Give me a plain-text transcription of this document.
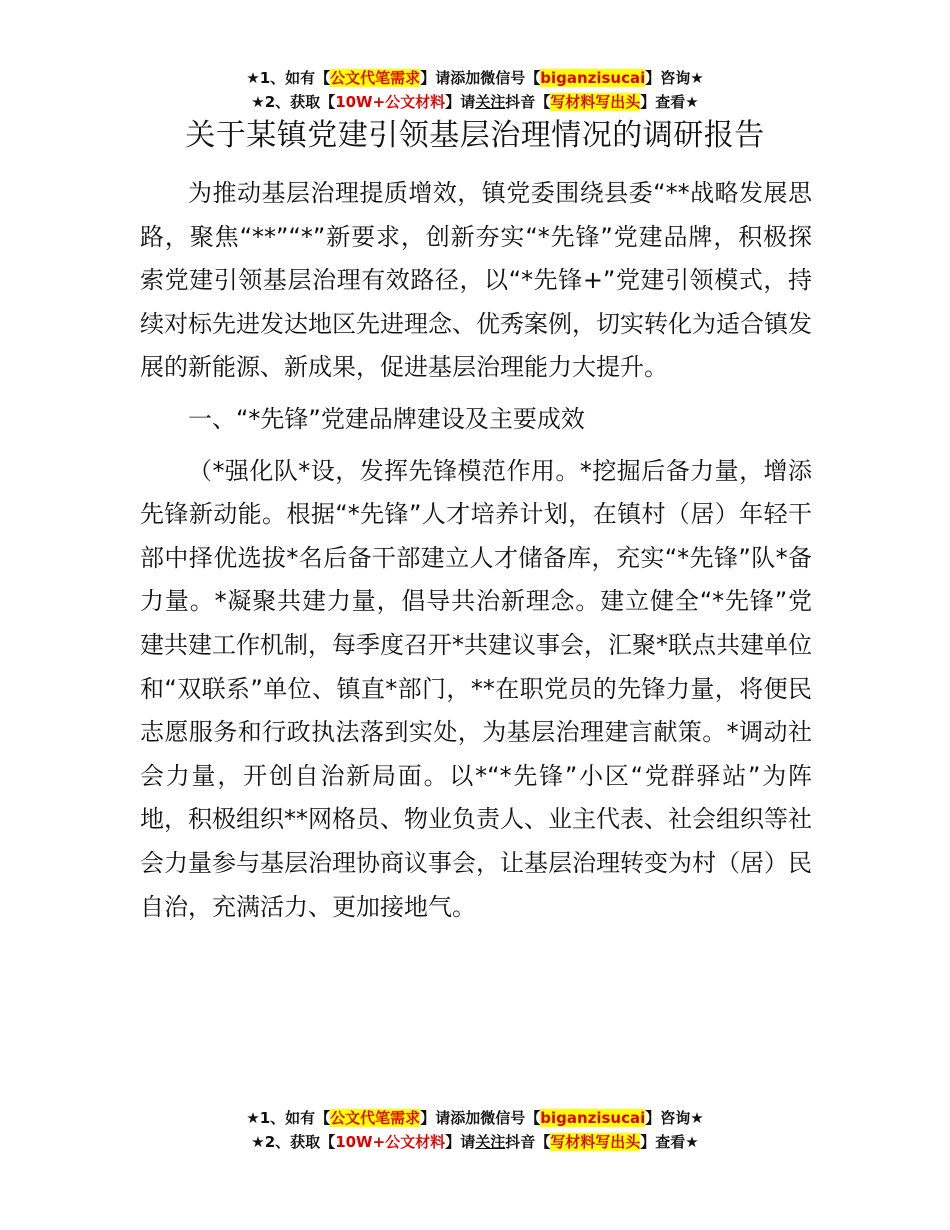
★1、如有【公文代笔需求】请添加微信号【biganzisucai】咨询★
★2、获取【10W+公文材料】请关注抖音【写材料写出头】查看★
关于某镇党建引领基层治理情况的调研报告

为推动基层治理提质增效，镇党委围绕县委“**战略发展思路，聚焦“**”“*”新要求，创新夯实“*先锋”党建品牌，积极探索党建引领基层治理有效路径，以“*先锋+”党建引领模式，持续对标先进发达地区先进理念、优秀案例，切实转化为适合镇发展的新能源、新成果，促进基层治理能力大提升。

一、“*先锋”党建品牌建设及主要成效

（*强化队*设，发挥先锋模范作用。*挖掘后备力量，增添先锋新动能。根据“*先锋”人才培养计划，在镇村（居）年轻干部中择优选拔*名后备干部建立人才储备库，充实“*先锋”队*备力量。*凝聚共建力量，倡导共治新理念。建立健全“*先锋”党建共建工作机制，每季度召开*共建议事会，汇聚*联点共建单位和“双联系”单位、镇直*部门，**在职党员的先锋力量，将便民志愿服务和行政执法落到实处，为基层治理建言献策。*调动社会力量，开创自治新局面。以*“*先锋”小区“党群驿站”为阵地，积极组织**网格员、物业负责人、业主代表、社会组织等社会力量参与基层治理协商议事会，让基层治理转变为村（居）民自治，充满活力、更加接地气。

★1、如有【公文代笔需求】请添加微信号【biganzisucai】咨询★
★2、获取【10W+公文材料】请关注抖音【写材料写出头】查看★
